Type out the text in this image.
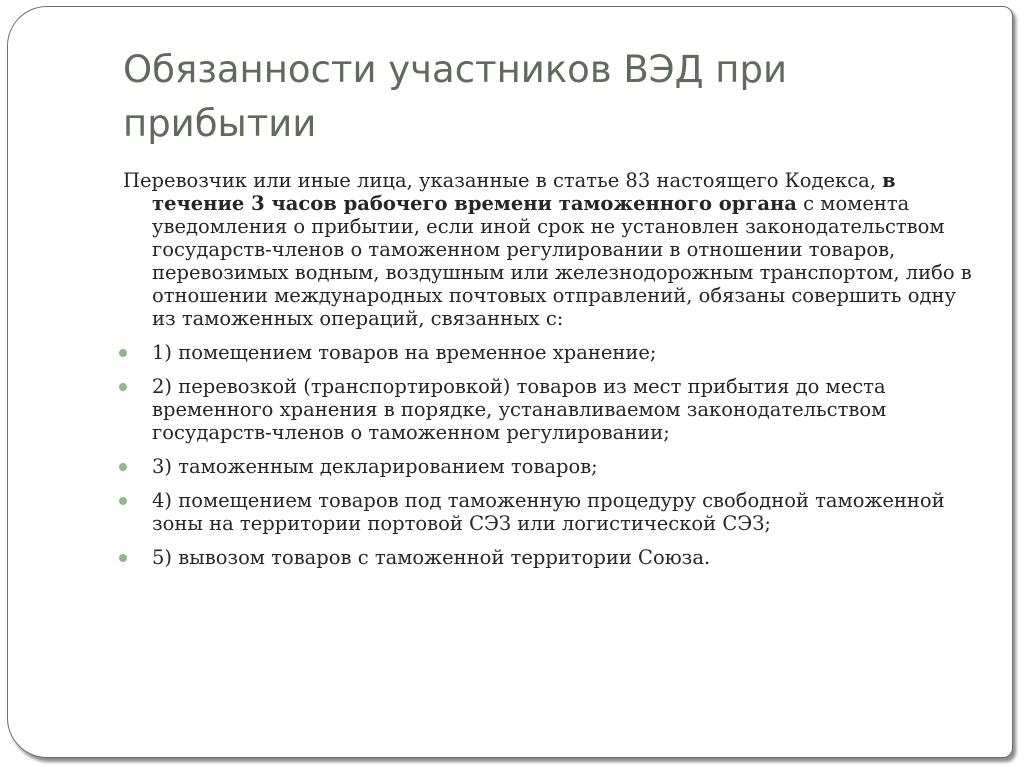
Обязанности участников ВЭД при прибытии

Перевозчик или иные лица, указанные в статье 83 настоящего Кодекса, в течение 3 часов рабочего времени таможенного органа с момента уведомления о прибытии, если иной срок не установлен законодательством государств-членов о таможенном регулировании в отношении товаров, перевозимых водным, воздушным или железнодорожным транспортом, либо в отношении международных почтовых отправлений, обязаны совершить одну из таможенных операций, связанных с:

1) помещением товаров на временное хранение;
2) перевозкой (транспортировкой) товаров из мест прибытия до места временного хранения в порядке, устанавливаемом законодательством государств-членов о таможенном регулировании;
3) таможенным декларированием товаров;
4) помещением товаров под таможенную процедуру свободной таможенной зоны на территории портовой СЭЗ или логистической СЭЗ;
5) вывозом товаров с таможенной территории Союза.
